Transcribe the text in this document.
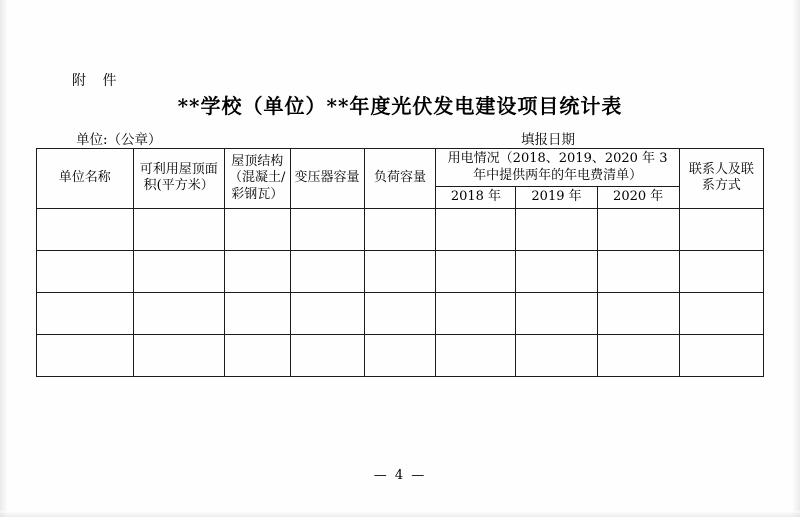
附 件
**学校（单位）**年度光伏发电建设项目统计表
单位:（公章）	填报日期
单位名称	可利用屋顶面积(平方米）	屋顶结构（混凝土/彩钢瓦）	变压器容量	负荷容量	用电情况（2018、2019、2020 年 3 年中提供两年的年电费清单）			联系人及联系方式
					2018 年	2019 年	2020 年	

— 4 —
